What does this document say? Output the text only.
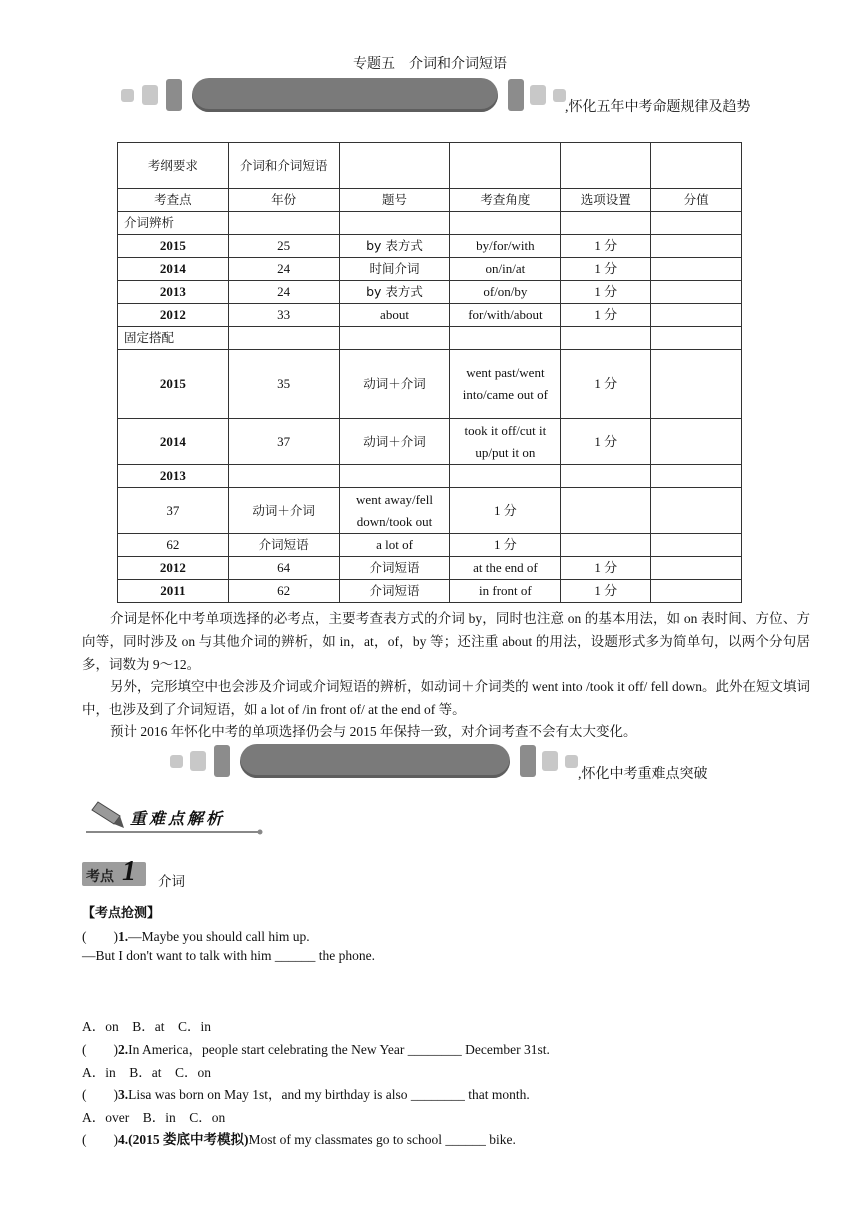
专题五　介词和介词短语
,怀化五年中考命题规律及趋势
考纲要求	介词和介词短语				
考查点	年份	题号	考查角度	选项设置	分值
介词辨析					
2015	25	by 表方式	by/for/with	1 分	
2014	24	时间介词	on/in/at	1 分	
2013	24	by 表方式	of/on/by	1 分	
2012	33	about	for/with/about	1 分	
固定搭配					
2015	35	动词＋介词	went past/went into/came out of	1 分	
2014	37	动词＋介词	took it off/cut it up/put it on	1 分	
2013					
37	动词＋介词	went away/fell down/took out	1 分		
62	介词短语	a lot of	1 分		
2012	64	介词短语	at the end of	1 分	
2011	62	介词短语	in front of	1 分	

介词是怀化中考单项选择的必考点，主要考查表方式的介词 by，同时也注意 on 的基本用法，如 on 表时间、方位、方向等，同时涉及 on 与其他介词的辨析，如 in，at，of，by 等；还注重 about 的用法，设题形式多为简单句，以两个分句居多，词数为 9～12。

另外，完形填空中也会涉及介词或介词短语的辨析，如动词＋介词类的 went into /took it off/ fell down。此外在短文填词中，也涉及到了介词短语，如 a lot of /in front of/ at the end of 等。

预计 2016 年怀化中考的单项选择仍会与 2015 年保持一致，对介词考查不会有太大变化。

,怀化中考重难点突破
重难点解析
考点 1 介词
【考点抢测】
(　　)1.—Maybe you should call him up.
—But I don't want to talk with him ______ the phone.
A．on　B．at　C．in
(　　)2.In America，people start celebrating the New Year ________ December 31st.
A．in　B．at　C．on
(　　)3.Lisa was born on May 1st，and my birthday is also ________ that month.
A．over　B．in　C．on
(　　)4.(2015 娄底中考模拟)Most of my classmates go to school ______ bike.
